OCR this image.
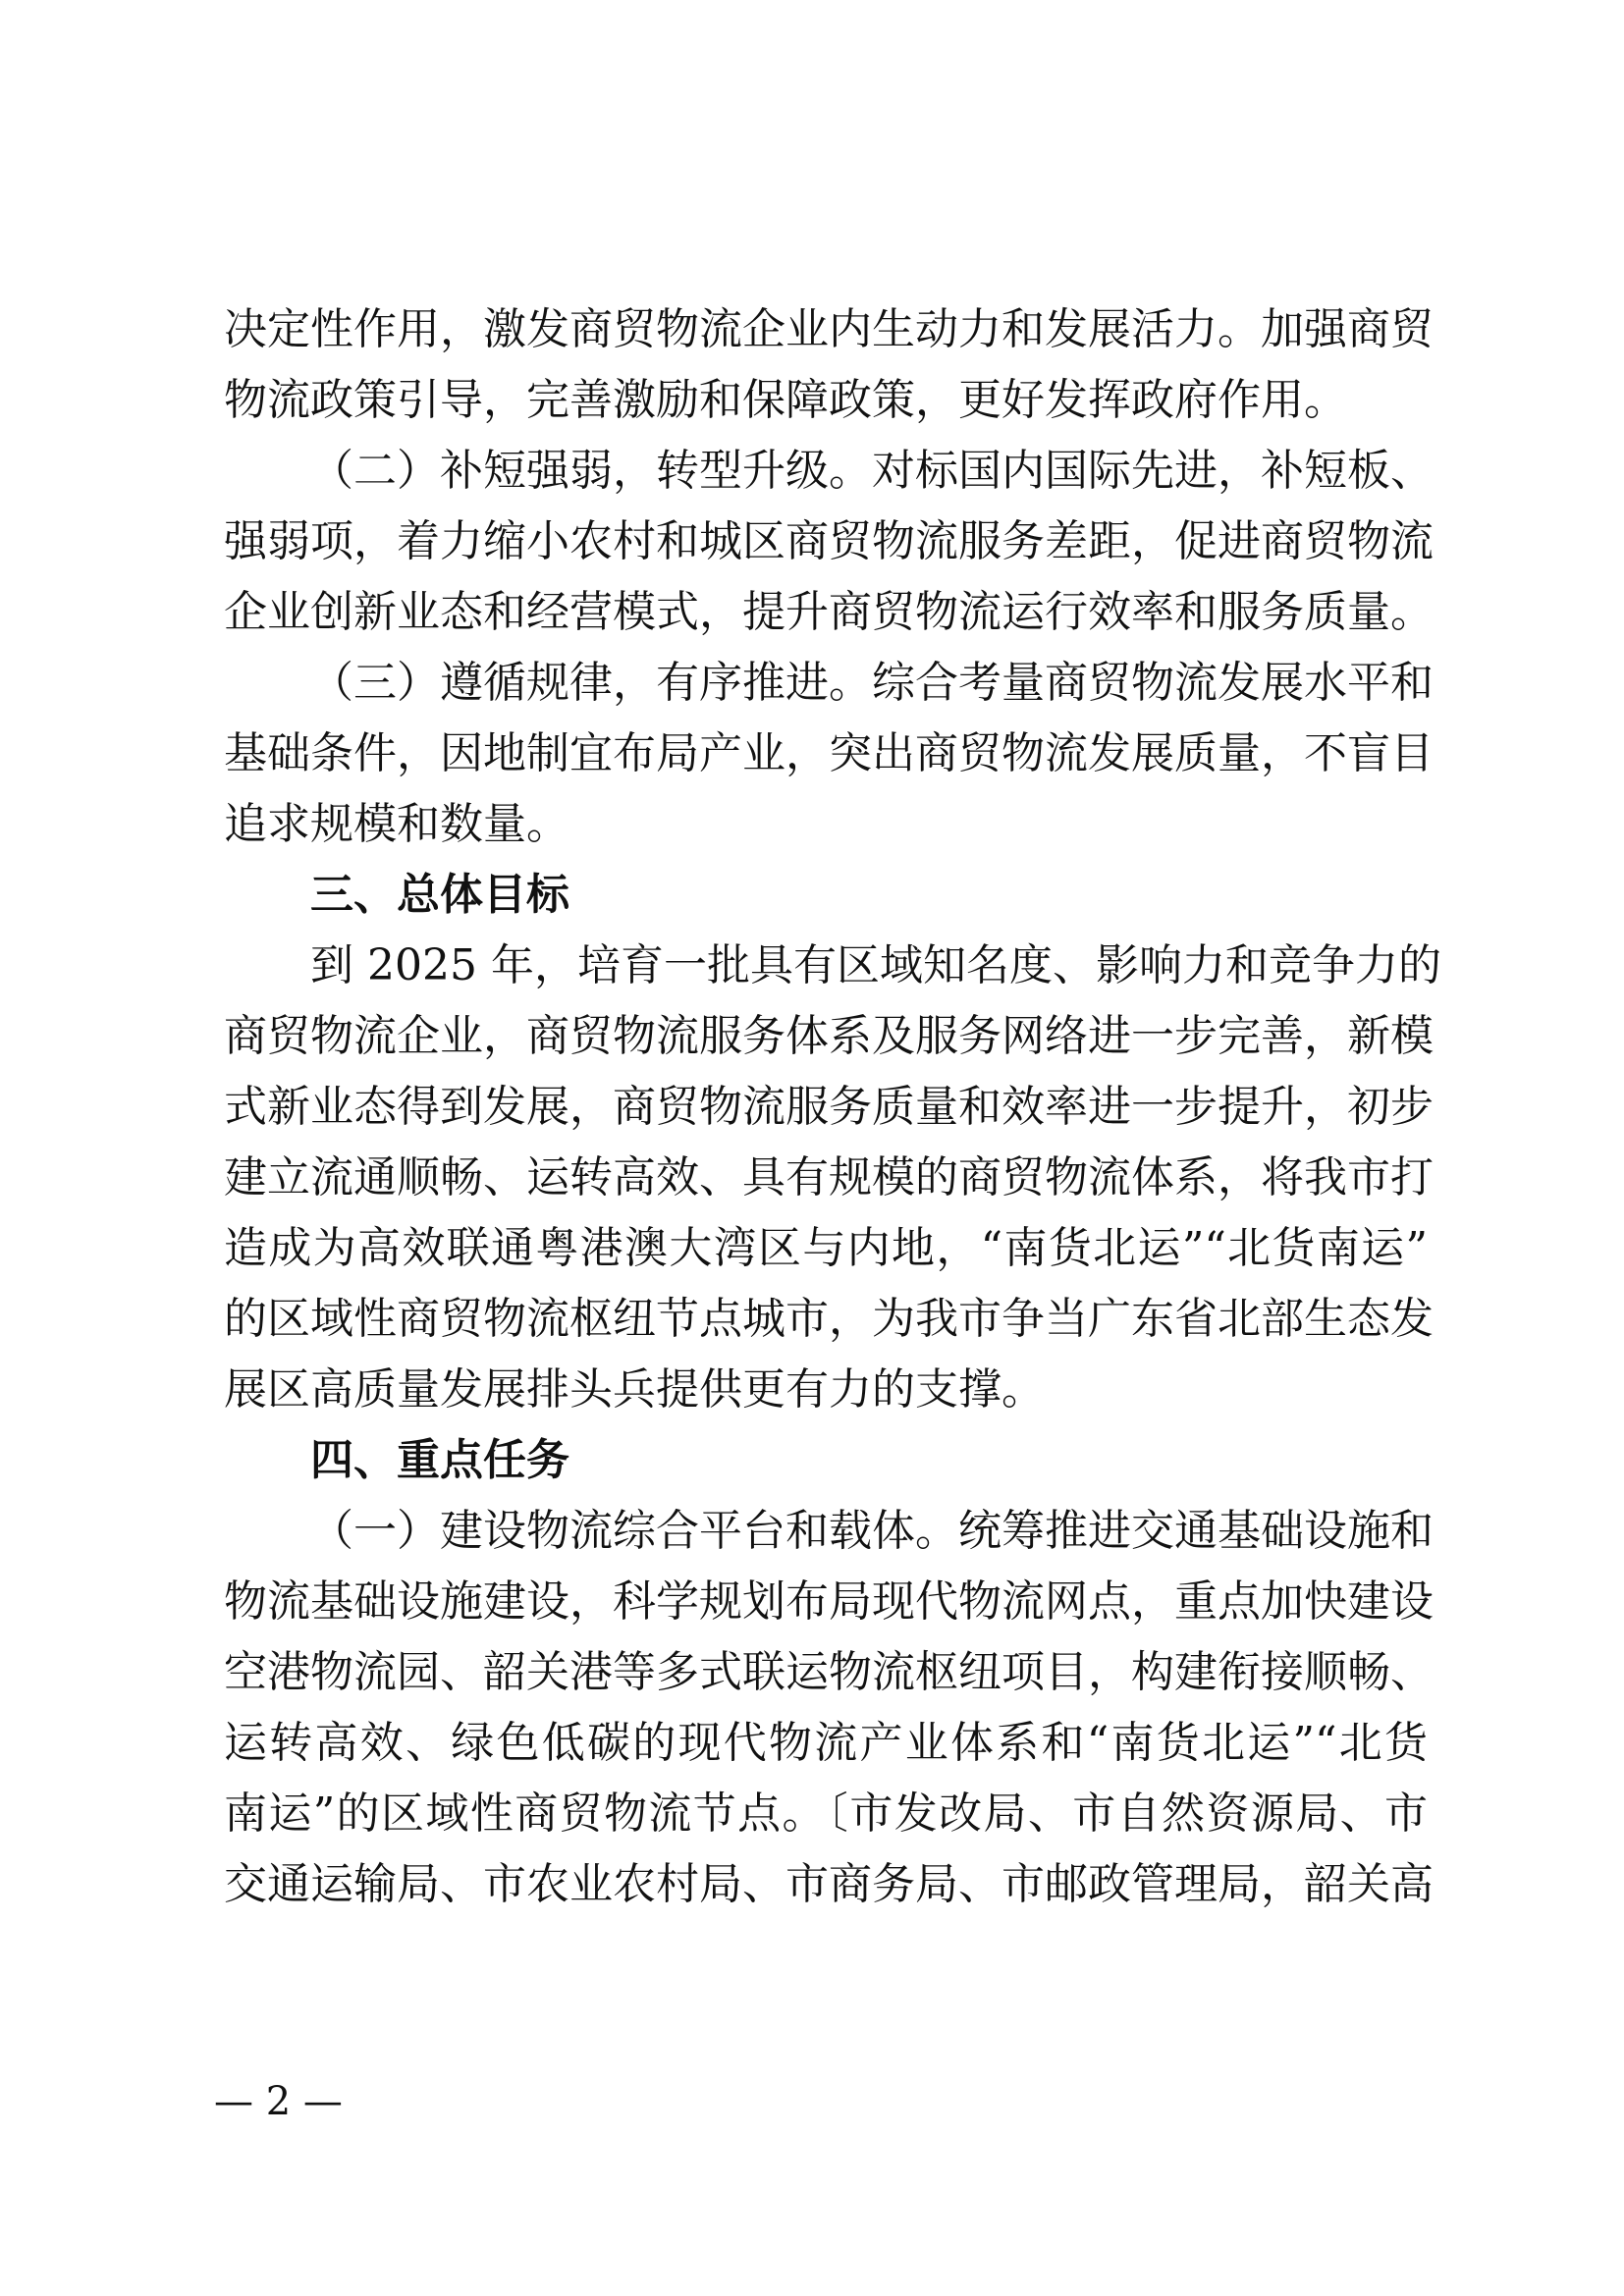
决定性作用，激发商贸物流企业内生动力和发展活力。加强商贸
物流政策引导，完善激励和保障政策，更好发挥政府作用。
（二）补短强弱，转型升级。对标国内国际先进，补短板、
强弱项，着力缩小农村和城区商贸物流服务差距，促进商贸物流
企业创新业态和经营模式，提升商贸物流运行效率和服务质量。
（三）遵循规律，有序推进。综合考量商贸物流发展水平和
基础条件，因地制宜布局产业，突出商贸物流发展质量，不盲目
追求规模和数量。
三、总体目标
到 2025 年，培育一批具有区域知名度、影响力和竞争力的
商贸物流企业，商贸物流服务体系及服务网络进一步完善，新模
式新业态得到发展，商贸物流服务质量和效率进一步提升，初步
建立流通顺畅、运转高效、具有规模的商贸物流体系，将我市打
造成为高效联通粤港澳大湾区与内地，“南货北运”“北货南运”
的区域性商贸物流枢纽节点城市，为我市争当广东省北部生态发
展区高质量发展排头兵提供更有力的支撑。
四、重点任务
（一）建设物流综合平台和载体。统筹推进交通基础设施和
物流基础设施建设，科学规划布局现代物流网点，重点加快建设
空港物流园、韶关港等多式联运物流枢纽项目，构建衔接顺畅、
运转高效、绿色低碳的现代物流产业体系和“南货北运”“北货
南运”的区域性商贸物流节点。〔市发改局、市自然资源局、市
交通运输局、市农业农村局、市商务局、市邮政管理局，韶关高
— 2 —
